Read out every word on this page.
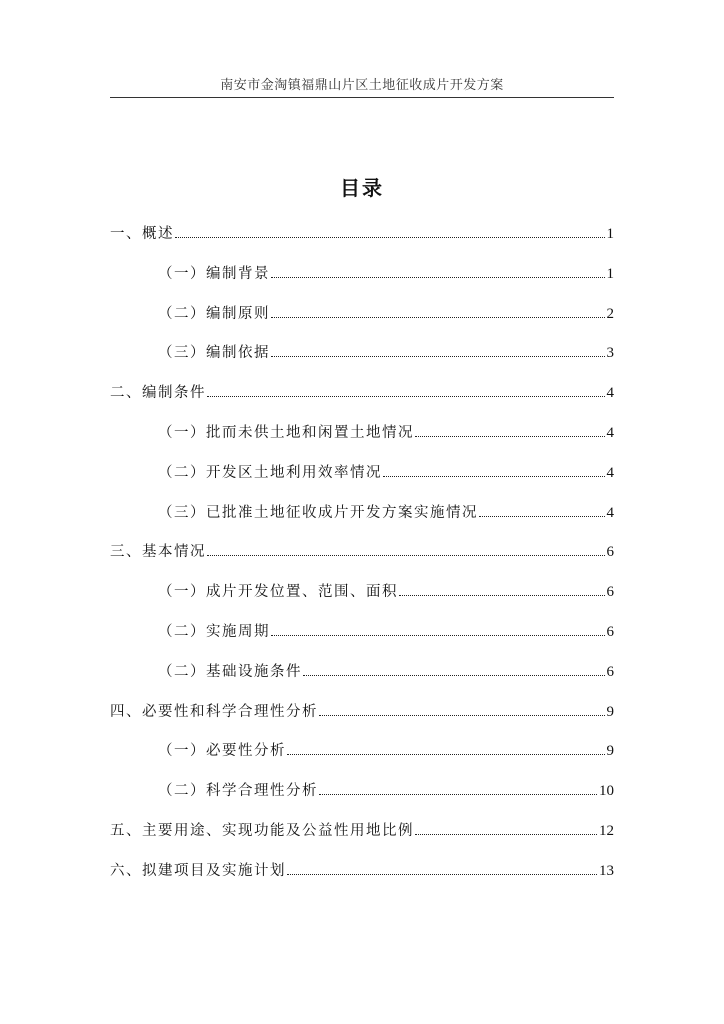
南安市金淘镇福鼎山片区土地征收成片开发方案
目录
一、概述	1
（一）编制背景	1
（二）编制原则	2
（三）编制依据	3
二、编制条件	4
（一）批而未供土地和闲置土地情况	4
（二）开发区土地利用效率情况	4
（三）已批准土地征收成片开发方案实施情况	4
三、基本情况	6
（一）成片开发位置、范围、面积	6
（二）实施周期	6
（二）基础设施条件	6
四、必要性和科学合理性分析	9
（一）必要性分析	9
（二）科学合理性分析	10
五、主要用途、实现功能及公益性用地比例	12
六、拟建项目及实施计划	13
